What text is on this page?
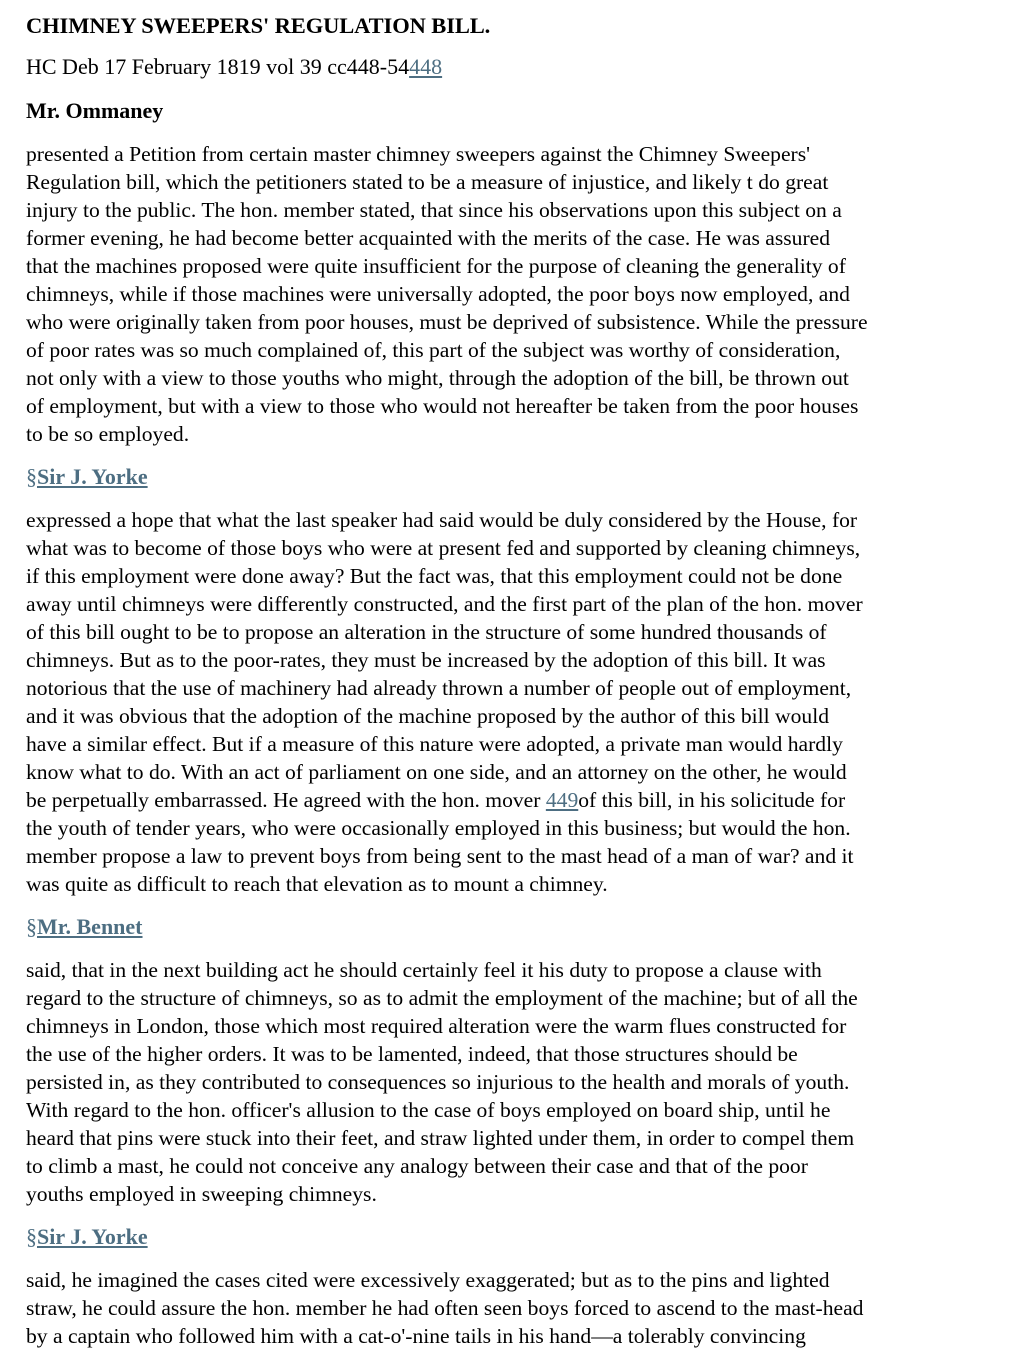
CHIMNEY SWEEPERS' REGULATION BILL.

HC Deb 17 February 1819 vol 39 cc448-54448

Mr. Ommaney

presented a Petition from certain master chimney sweepers against the Chimney Sweepers'
Regulation bill, which the petitioners stated to be a measure of injustice, and likely t do great
injury to the public. The hon. member stated, that since his observations upon this subject on a
former evening, he had become better acquainted with the merits of the case. He was assured
that the machines proposed were quite insufficient for the purpose of cleaning the generality of
chimneys, while if those machines were universally adopted, the poor boys now employed, and
who were originally taken from poor houses, must be deprived of subsistence. While the pressure
of poor rates was so much complained of, this part of the subject was worthy of consideration,
not only with a view to those youths who might, through the adoption of the bill, be thrown out
of employment, but with a view to those who would not hereafter be taken from the poor houses
to be so employed.

§Sir J. Yorke

expressed a hope that what the last speaker had said would be duly considered by the House, for
what was to become of those boys who were at present fed and supported by cleaning chimneys,
if this employment were done away? But the fact was, that this employment could not be done
away until chimneys were differently constructed, and the first part of the plan of the hon. mover
of this bill ought to be to propose an alteration in the structure of some hundred thousands of
chimneys. But as to the poor-rates, they must be increased by the adoption of this bill. It was
notorious that the use of machinery had already thrown a number of people out of employment,
and it was obvious that the adoption of the machine proposed by the author of this bill would
have a similar effect. But if a measure of this nature were adopted, a private man would hardly
know what to do. With an act of parliament on one side, and an attorney on the other, he would
be perpetually embarrassed. He agreed with the hon. mover 449of this bill, in his solicitude for
the youth of tender years, who were occasionally employed in this business; but would the hon.
member propose a law to prevent boys from being sent to the mast head of a man of war? and it
was quite as difficult to reach that elevation as to mount a chimney.

§Mr. Bennet

said, that in the next building act he should certainly feel it his duty to propose a clause with
regard to the structure of chimneys, so as to admit the employment of the machine; but of all the
chimneys in London, those which most required alteration were the warm flues constructed for
the use of the higher orders. It was to be lamented, indeed, that those structures should be
persisted in, as they contributed to consequences so injurious to the health and morals of youth.
With regard to the hon. officer's allusion to the case of boys employed on board ship, until he
heard that pins were stuck into their feet, and straw lighted under them, in order to compel them
to climb a mast, he could not conceive any analogy between their case and that of the poor
youths employed in sweeping chimneys.

§Sir J. Yorke

said, he imagined the cases cited were excessively exaggerated; but as to the pins and lighted
straw, he could assure the hon. member he had often seen boys forced to ascend to the mast-head
by a captain who followed him with a cat-o'-nine tails in his hand—a tolerably convincing
